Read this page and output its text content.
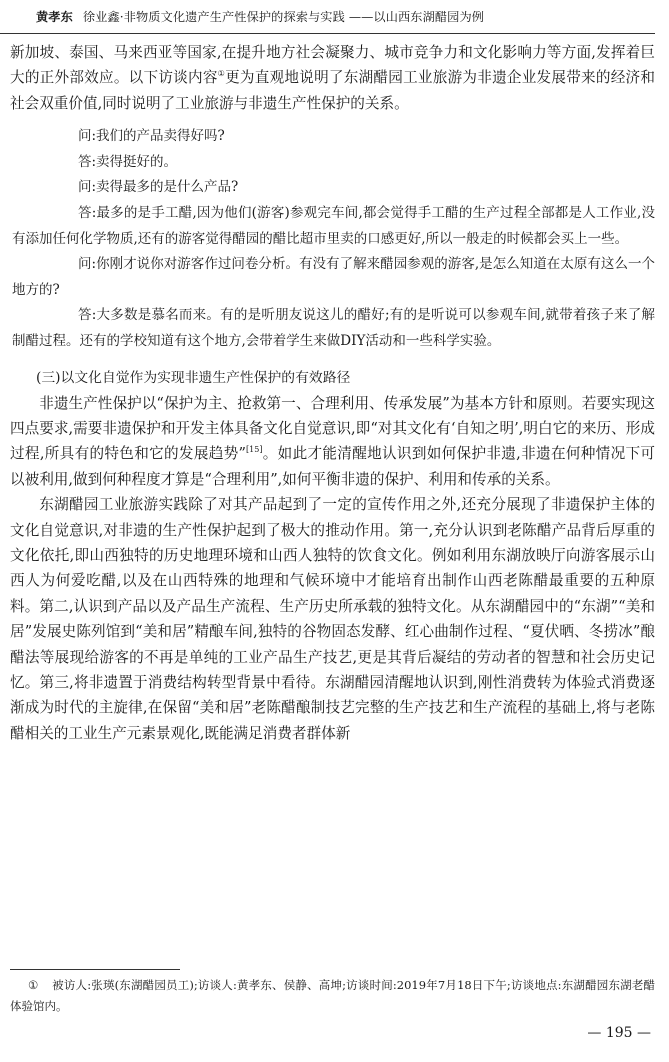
黄孝东 徐业鑫·非物质文化遗产生产性保护的探索与实践 ——以山西东湖醋园为例

新加坡、泰国、马来西亚等国家,在提升地方社会凝聚力、城市竞争力和文化影响力等方面,发挥着巨大的正外部效应。以下访谈内容①更为直观地说明了东湖醋园工业旅游为非遗企业发展带来的经济和社会双重价值,同时说明了工业旅游与非遗生产性保护的关系。

问:我们的产品卖得好吗?

答:卖得挺好的。

问:卖得最多的是什么产品?

答:最多的是手工醋,因为他们(游客)参观完车间,都会觉得手工醋的生产过程全部都是人工作业,没有添加任何化学物质,还有的游客觉得醋园的醋比超市里卖的口感更好,所以一般走的时候都会买上一些。

问:你刚才说你对游客作过问卷分析。有没有了解来醋园参观的游客,是怎么知道在太原有这么一个地方的?

答:大多数是慕名而来。有的是听朋友说这儿的醋好;有的是听说可以参观车间,就带着孩子来了解制醋过程。还有的学校知道有这个地方,会带着学生来做DIY活动和一些科学实验。

(三)以文化自觉作为实现非遗生产性保护的有效路径

非遗生产性保护以“保护为主、抢救第一、合理利用、传承发展”为基本方针和原则。若要实现这四点要求,需要非遗保护和开发主体具备文化自觉意识,即“对其文化有‘自知之明’,明白它的来历、形成过程,所具有的特色和它的发展趋势”[15]。如此才能清醒地认识到如何保护非遗,非遗在何种情况下可以被利用,做到何种程度才算是“合理利用”,如何平衡非遗的保护、利用和传承的关系。

东湖醋园工业旅游实践除了对其产品起到了一定的宣传作用之外,还充分展现了非遗保护主体的文化自觉意识,对非遗的生产性保护起到了极大的推动作用。第一,充分认识到老陈醋产品背后厚重的文化依托,即山西独特的历史地理环境和山西人独特的饮食文化。例如利用东湖放映厅向游客展示山西人为何爱吃醋,以及在山西特殊的地理和气候环境中才能培育出制作山西老陈醋最重要的五种原料。第二,认识到产品以及产品生产流程、生产历史所承载的独特文化。从东湖醋园中的“东湖”“美和居”发展史陈列馆到“美和居”精酿车间,独特的谷物固态发酵、红心曲制作过程、“夏伏晒、冬捞冰”酿醋法等展现给游客的不再是单纯的工业产品生产技艺,更是其背后凝结的劳动者的智慧和社会历史记忆。第三,将非遗置于消费结构转型背景中看待。东湖醋园清醒地认识到,刚性消费转为体验式消费逐渐成为时代的主旋律,在保留“美和居”老陈醋酿制技艺完整的生产技艺和生产流程的基础上,将与老陈醋相关的工业生产元素景观化,既能满足消费者群体新

① 被访人:张瑛(东湖醋园员工);访谈人:黄孝东、侯静、高坤;访谈时间:2019年7月18日下午;访谈地点:东湖醋园东湖老醋体验馆内。
— 195 —
